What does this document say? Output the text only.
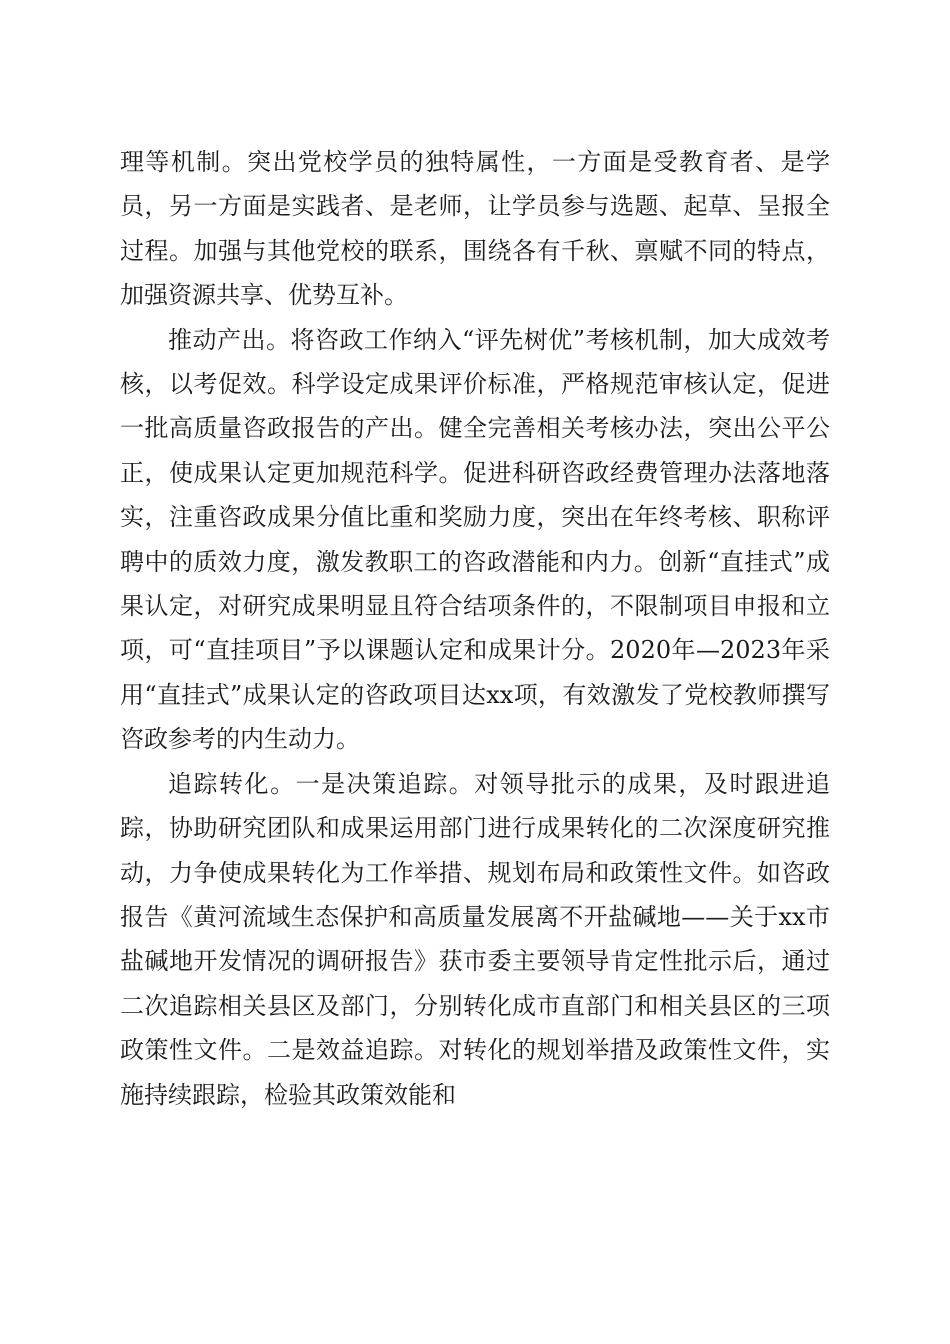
理等机制。突出党校学员的独特属性，一方面是受教育者、是学员，另一方面是实践者、是老师，让学员参与选题、起草、呈报全过程。加强与其他党校的联系，围绕各有千秋、禀赋不同的特点，加强资源共享、优势互补。

推动产出。将咨政工作纳入“评先树优”考核机制，加大成效考核，以考促效。科学设定成果评价标准，严格规范审核认定，促进一批高质量咨政报告的产出。健全完善相关考核办法，突出公平公正，使成果认定更加规范科学。促进科研咨政经费管理办法落地落实，注重咨政成果分值比重和奖励力度，突出在年终考核、职称评聘中的质效力度，激发教职工的咨政潜能和内力。创新“直挂式”成果认定，对研究成果明显且符合结项条件的，不限制项目申报和立项，可“直挂项目”予以课题认定和成果计分。2020年—2023年采用“直挂式”成果认定的咨政项目达xx项，有效激发了党校教师撰写咨政参考的内生动力。

追踪转化。一是决策追踪。对领导批示的成果，及时跟进追踪，协助研究团队和成果运用部门进行成果转化的二次深度研究推动，力争使成果转化为工作举措、规划布局和政策性文件。如咨政报告《黄河流域生态保护和高质量发展离不开盐碱地——关于xx市盐碱地开发情况的调研报告》获市委主要领导肯定性批示后，通过二次追踪相关县区及部门，分别转化成市直部门和相关县区的三项政策性文件。二是效益追踪。对转化的规划举措及政策性文件，实施持续跟踪，检验其政策效能和
